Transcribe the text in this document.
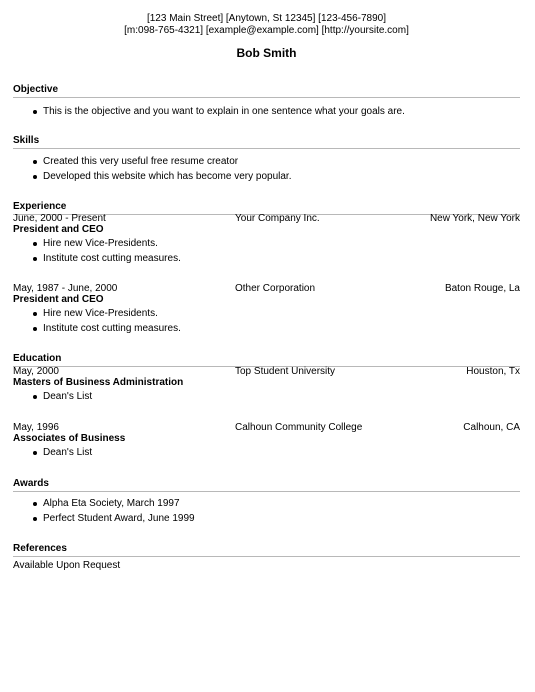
[123 Main Street] [Anytown, St 12345] [123-456-7890]
[m:098-765-4321] [example@example.com] [http://yoursite.com]
Bob Smith
Objective
This is the objective and you want to explain in one sentence what your goals are.
Skills
Created this very useful free resume creator
Developed this website which has become very popular.
Experience
June, 2000 - Present	Your Company Inc.	New York, New York
President and CEO
Hire new Vice-Presidents.
Institute cost cutting measures.
May, 1987 - June, 2000	Other Corporation	Baton Rouge, La
President and CEO
Hire new Vice-Presidents.
Institute cost cutting measures.
Education
May, 2000	Top Student University	Houston, Tx
Masters of Business Administration
Dean's List
May, 1996	Calhoun Community College	Calhoun, CA
Associates of Business
Dean's List
Awards
Alpha Eta Society, March 1997
Perfect Student Award, June 1999
References
Available Upon Request
